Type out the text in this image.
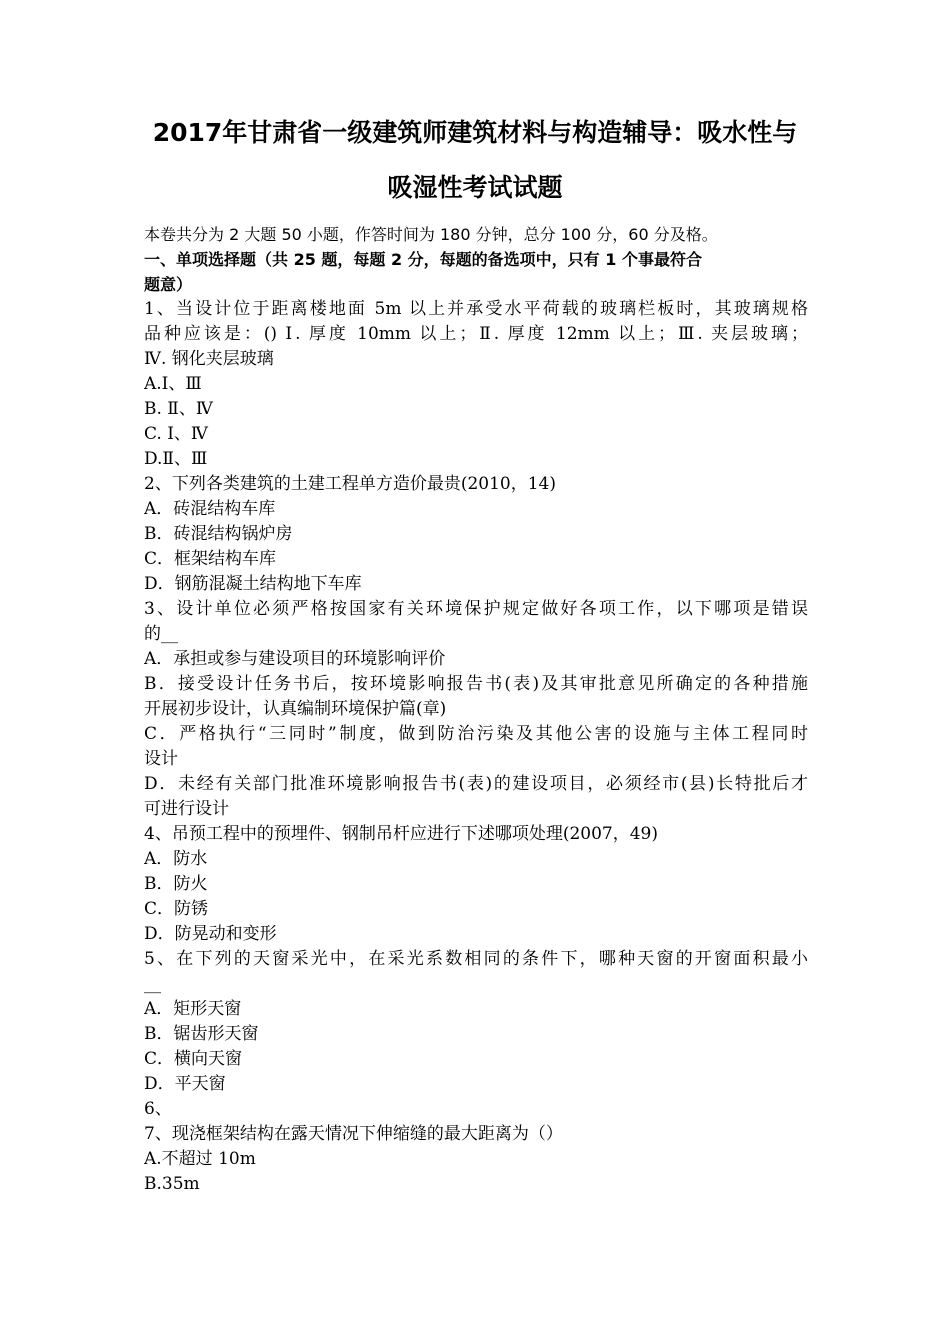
2017年甘肃省一级建筑师建筑材料与构造辅导：吸水性与
吸湿性考试试题
本卷共分为 2 大题 50 小题，作答时间为 180 分钟，总分 100 分，60 分及格。
一、单项选择题（共 25 题，每题 2 分，每题的备选项中，只有 1 个事最符合
题意）
1、当设计位于距离楼地面 5m 以上并承受水平荷载的玻璃栏板时，其玻璃规格
品种应该是：() Ⅰ. 厚度 10mm 以上；Ⅱ. 厚度 12mm 以上；Ⅲ. 夹层玻璃；
Ⅳ. 钢化夹层玻璃
A.Ⅰ、Ⅲ
B. Ⅱ、Ⅳ
C. Ⅰ、Ⅳ
D.Ⅱ、Ⅲ
2、下列各类建筑的土建工程单方造价最贵(2010，14)
A．砖混结构车库
B．砖混结构锅炉房
C．框架结构车库
D．钢筋混凝土结构地下车库
3、设计单位必须严格按国家有关环境保护规定做好各项工作，以下哪项是错误
的__
A．承担或参与建设项目的环境影响评价
B．接受设计任务书后，按环境影响报告书(表)及其审批意见所确定的各种措施
开展初步设计，认真编制环境保护篇(章)
C．严格执行“三同时”制度，做到防治污染及其他公害的设施与主体工程同时
设计
D．未经有关部门批准环境影响报告书(表)的建设项目，必须经市(县)长特批后才
可进行设计
4、吊预工程中的预埋件、钢制吊杆应进行下述哪项处理(2007，49)
A．防水
B．防火
C．防锈
D．防晃动和变形
5、在下列的天窗采光中，在采光系数相同的条件下，哪种天窗的开窗面积最小
__
A．矩形天窗
B．锯齿形天窗
C．横向天窗
D．平天窗
6、
7、现浇框架结构在露天情况下伸缩缝的最大距离为（）
A.不超过 10m
B.35m
